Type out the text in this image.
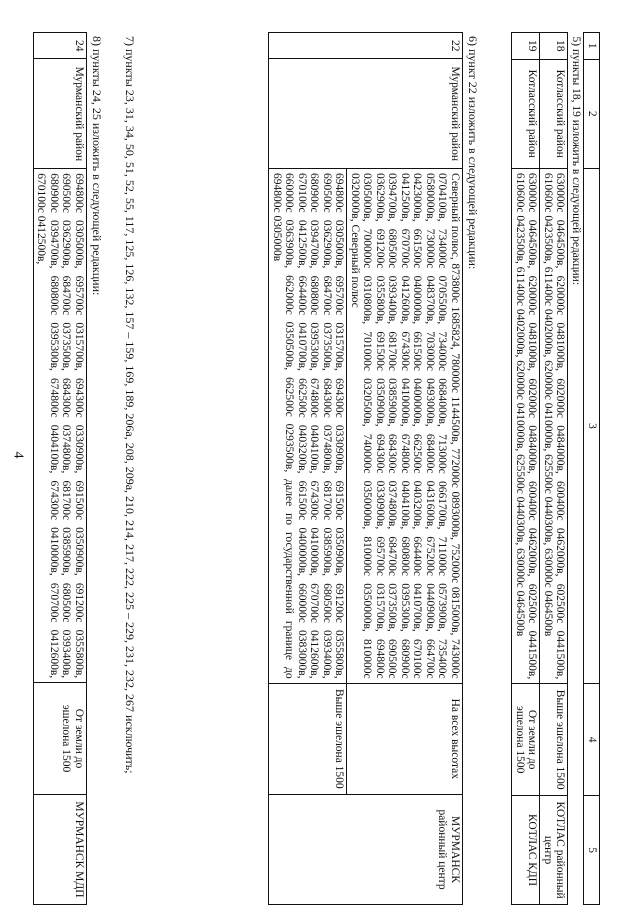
4
1	2	3	4	5
5) пункты 18, 19 изложить в следующей редакции:				
18	Котласский район	630000с 0464500в, 620000с 0481000в, 602000с 0484000в, 600400с 0462000в, 602500с 0441500в, 610600с 0423500в, 611400с 0402000в, 620000с 0410000в, 625500с 0440300в, 630000с 0464500в	Выше эшелона 1500	КОТЛАС районный центр
19	Котласский район	630000с 0464500в, 620000с 0481000в, 602000с 0484000в, 600400с 0462000в, 602500с 0441500в, 610600с 0423500в, 611400с 0402000в, 620000с 0410000в, 625500с 0440300в, 630000с 0464500в	От земли до эшелона 1500	КОТЛАС КДП
6) пункт 22 изложить в следующей редакции:
22	Мурманский район	Северный полюс, 873800с 1685824, 780000с 1144500в, 772000с 0893000в, 752000с 0815000в, 743000с 0704100в, 734000с 0705500в, 734000с 0684000в, 713000с 0661700в, 711000с 0573900в, 735400с 0580000в, 730000с 0483700в, 703000с 0493000в, 684000с 0431600в, 675200с 0440900в, 664700с 0423000в, 661500с 0400000в, 661500с 0400000в, 662500с 0403200в, 664400с 0410700в, 670100с 0412500в, 670700с 0412600в, 674300с 0410000в, 674800с 0404100в, 680800с 0395300в, 680900с 0394700в, 680500с 0393400в, 681700с 0385900в, 684300с 0374800в, 684700с 0373500в, 690500с 0362900в, 691200с 0355800в, 691500с 0350900в, 694300с 0330900в, 695700с 0315700в, 694800с 0305000в, 700000с 0310800в, 701000с 0320500в, 740000с 0350000в, 810000с 0350000в, 810000с 0320000в, Северный полюс	На всех высотах	МУРМАНСК районный центр
		694800с 0305000в, 695700с 0315700в, 694300с 0330900в, 691500с 0350900в, 691200с 0355800в, 690500с 0362900в, 684700с 0373500в, 684300с 0374800в, 681700с 0385900в, 680500с 0393400в, 680900с 0394700в, 680800с 0395300в, 674800с 0404100в, 674300с 0410000в, 670700с 0412600в, 670100с 0412500в, 664400с 0410700в, 662500с 0403200в, 661500с 0400000в, 660000с 0383000в, 660000с 0363900в, 662000с 0350500в, 662500с 0293500в, далее по государственной границе до 694800с 0305000в	Выше эшелона 1500	
7) пункты 23, 31, 34, 50, 51, 52, 55, 117, 125, 126, 132, 157 – 159, 169, 189, 206а, 208, 209а, 210, 214, 217, 222, 225 – 229, 231, 232, 267 исключить;
8) пункты 24, 25 изложить в следующей редакции:
24	Мурманский район	694800с 0305000в, 695700с 0315700в, 694300с 0330900в, 691500с 0350900в, 691200с 0355800в, 690500с 0362900в, 684700с 0373500в, 684300с 0374800в, 681700с 0385900в, 680500с 0393400в, 680900с 0394700в, 680800с 0395300в, 674800с 0404100в, 674300с 0410000в, 670700с 0412600в, 670100с 0412500в,	От земли до эшелона 1500	МУРМАНСК МДП
